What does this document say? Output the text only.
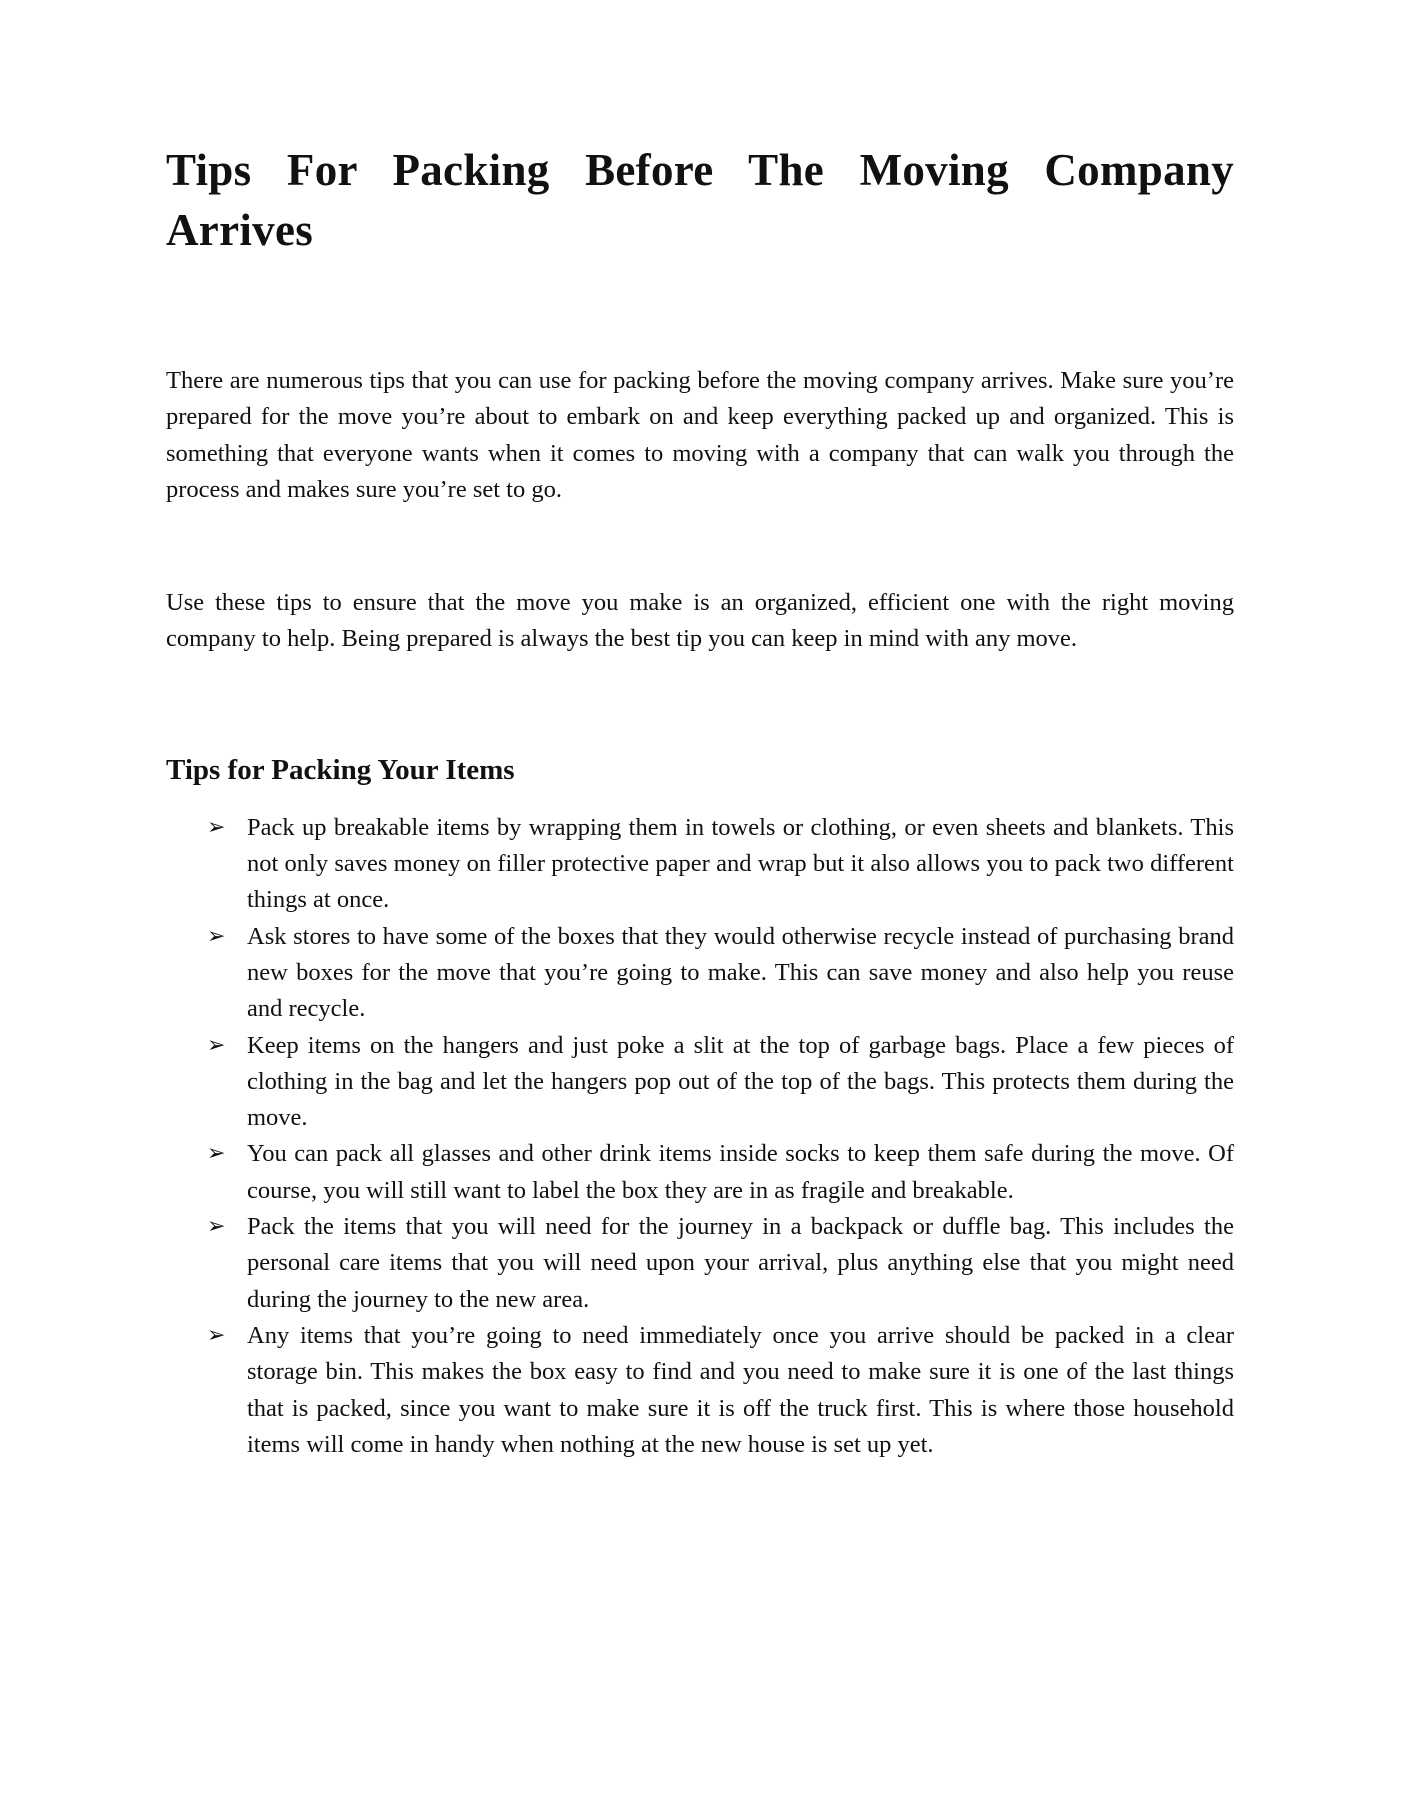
Tips For Packing Before The Moving Company
Arrives

There are numerous tips that you can use for packing before the moving company arrives. Make sure you’re prepared for the move you’re about to embark on and keep everything packed up and organized. This is something that everyone wants when it comes to moving with a company that can walk you through the process and makes sure you’re set to go.

Use these tips to ensure that the move you make is an organized, efficient one with the right moving company to help. Being prepared is always the best tip you can keep in mind with any move.

Tips for Packing Your Items
➢ Pack up breakable items by wrapping them in towels or clothing, or even sheets and blankets. This not only saves money on filler protective paper and wrap but it also allows you to pack two different things at once.
➢ Ask stores to have some of the boxes that they would otherwise recycle instead of purchasing brand new boxes for the move that you’re going to make. This can save money and also help you reuse and recycle.
➢ Keep items on the hangers and just poke a slit at the top of garbage bags. Place a few pieces of clothing in the bag and let the hangers pop out of the top of the bags. This protects them during the move.
➢ You can pack all glasses and other drink items inside socks to keep them safe during the move. Of course, you will still want to label the box they are in as fragile and breakable.
➢ Pack the items that you will need for the journey in a backpack or duffle bag. This includes the personal care items that you will need upon your arrival, plus anything else that you might need during the journey to the new area.
➢ Any items that you’re going to need immediately once you arrive should be packed in a clear storage bin. This makes the box easy to find and you need to make sure it is one of the last things that is packed, since you want to make sure it is off the truck first. This is where those household items will come in handy when nothing at the new house is set up yet.
